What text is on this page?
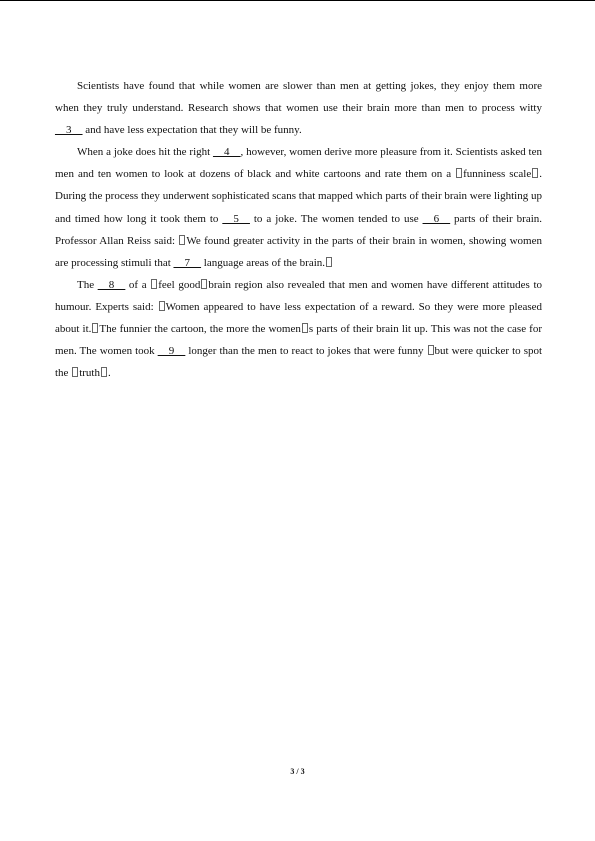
Scientists have found that while women are slower than men at getting jokes, they enjoy them more when they truly understand. Research shows that women use their brain more than men to process witty __3__ and have less expectation that they will be funny.

When a joke does hit the right __4__, however, women derive more pleasure from it. Scientists asked ten men and ten women to look at dozens of black and white cartoons and rate them on a funniness scale . During the process they underwent sophisticated scans that mapped which parts of their brain were lighting up and timed how long it took them to __5__ to a joke. The women tended to use __6__ parts of their brain. Professor Allan Reiss said: We found greater activity in the parts of their brain in women, showing women are processing stimuli that __7__ language areas of the brain.

The __8__ of a feel good brain region also revealed that men and women have different attitudes to humour. Experts said: Women appeared to have less expectation of a reward. So they were more pleased about it. The funnier the cartoon, the more the women s parts of their brain lit up. This was not the case for men. The women took __9__ longer than the men to react to jokes that were funny but were quicker to spot the truth .

3 / 3
